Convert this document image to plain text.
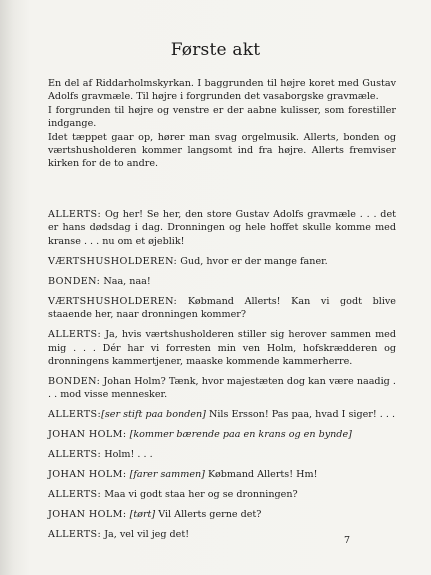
Første akt

En del af Riddarholmskyrkan. I baggrunden til højre koret med Gustav Adolfs gravmæle. Til højre i forgrunden det vasaborgske gravmæle.

I forgrunden til højre og venstre er der aabne kulisser, som forestiller indgange.

Idet tæppet gaar op, hører man svag orgelmusik. Allerts, bonden og værtshusholderen kommer langsomt ind fra højre. Allerts fremviser kirken for de to andre.

ALLERTS: Og her! Se her, den store Gustav Adolfs gravmæle . . . det er hans dødsdag i dag. Dronningen og hele hoffet skulle komme med kranse . . . nu om et øjeblik!

VÆRTSHUSHOLDEREN: Gud, hvor er der mange faner.

BONDEN: Naa, naa!

VÆRTSHUSHOLDEREN: Købmand Allerts! Kan vi godt blive staaende her, naar dronningen kommer?

ALLERTS: Ja, hvis værtshusholderen stiller sig herover sammen med mig . . . Dér har vi forresten min ven Holm, hofskrædderen og dronningens kammertjener, maaske kommende kammerherre.

BONDEN: Johan Holm? Tænk, hvor majestæten dog kan være naadig . . . mod visse mennesker.

ALLERTS:[ser stift paa bonden] Nils Ersson! Pas paa, hvad I siger! . . .

JOHAN HOLM: [kommer bærende paa en krans og en bynde]

ALLERTS: Holm! . . .

JOHAN HOLM: [farer sammen] Købmand Allerts! Hm!

ALLERTS: Maa vi godt staa her og se dronningen?

JOHAN HOLM: [tørt] Vil Allerts gerne det?

ALLERTS: Ja, vel vil jeg det!

7
